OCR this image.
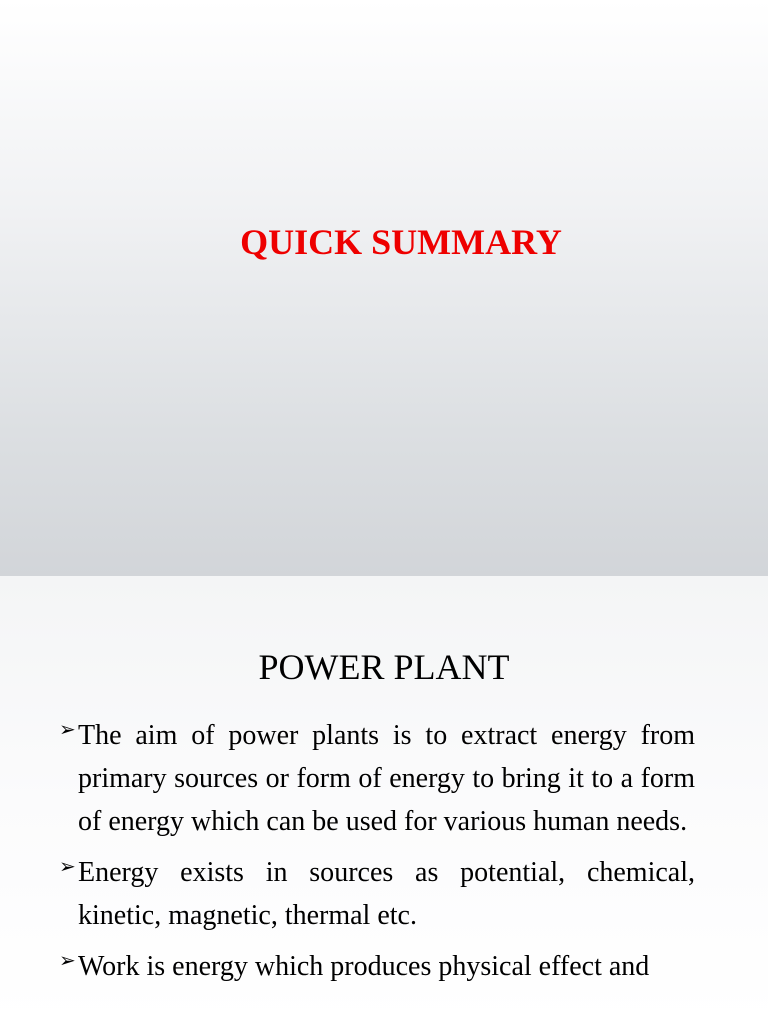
QUICK SUMMARY
POWER PLANT
➢ The aim of power plants is to extract energy from primary sources or form of energy to bring it to a form of energy which can be used for various human needs.
➢ Energy exists in sources as potential, chemical, kinetic, magnetic, thermal etc.
➢ Work is energy which produces physical effect and
